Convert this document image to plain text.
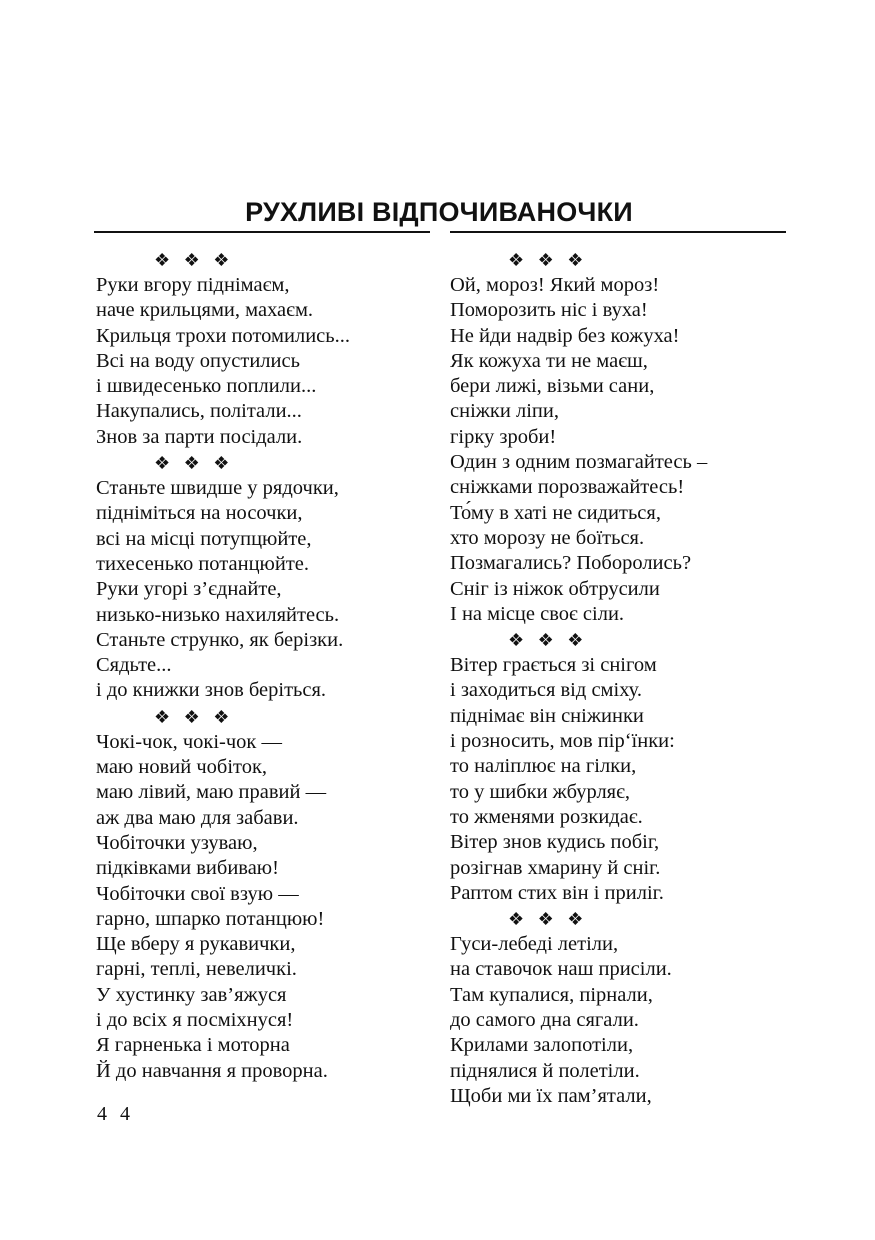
РУХЛИВІ ВІДПОЧИВАНОЧКИ
❖   ❖   ❖
Руки вгору піднімаєм,
наче крильцями, махаєм.
Крильця трохи потомились...
Всі на воду опустились
і швидесенько поплили...
Накупались, політали...
Знов за парти посідали.
❖   ❖   ❖
Станьте швидше у рядочки,
підніміться на носочки,
всі на місці потупцюйте,
тихесенько потанцюйте.
Руки угорі з’єднайте,
низько-низько нахиляйтесь.
Станьте струнко, як берізки.
Сядьте...
і до книжки знов беріться.
❖   ❖   ❖
Чокі-чок, чокі-чок —
маю новий чобіток,
маю лівий, маю правий —
аж два маю для забави.
Чобіточки узуваю,
підківками вибиваю!
Чобіточки свої взую —
гарно, шпарко потанцюю!
Ще вберу я рукавички,
гарні, теплі, невеличкі.
У хустинку зав’яжуся
і до всіх я посміхнуся!
Я гарненька і моторна
Й до навчання я проворна.
❖   ❖   ❖
Ой, мороз! Який мороз!
Поморозить ніс і вуха!
Не йди надвір без кожуха!
Як кожуха ти не маєш,
бери лижі, візьми сани,
сніжки ліпи,
гірку зроби!
Один з одним позмагайтесь –
сніжками порозважайтесь!
То́му в хаті не сидиться,
хто морозу не боїться.
Позмагались? Поборолись?
Сніг із ніжок обтрусили
І на місце своє сіли.
❖   ❖   ❖
Вітер грається зі снігом
і заходиться від сміху.
піднімає він сніжинки
і розносить, мов пір‘їнки:
то наліплює на гілки,
то у шибки жбурляє,
то жменями розкидає.
Вітер знов кудись побіг,
розігнав хмарину й сніг.
Раптом стих він і приліг.
❖   ❖   ❖
Гуси-лебеді летіли,
на ставочок наш присіли.
Там купалися, пірнали,
до самого дна сягали.
Крилами залопотіли,
піднялися й полетіли.
Щоби ми їх пам’ятали,
4 4
